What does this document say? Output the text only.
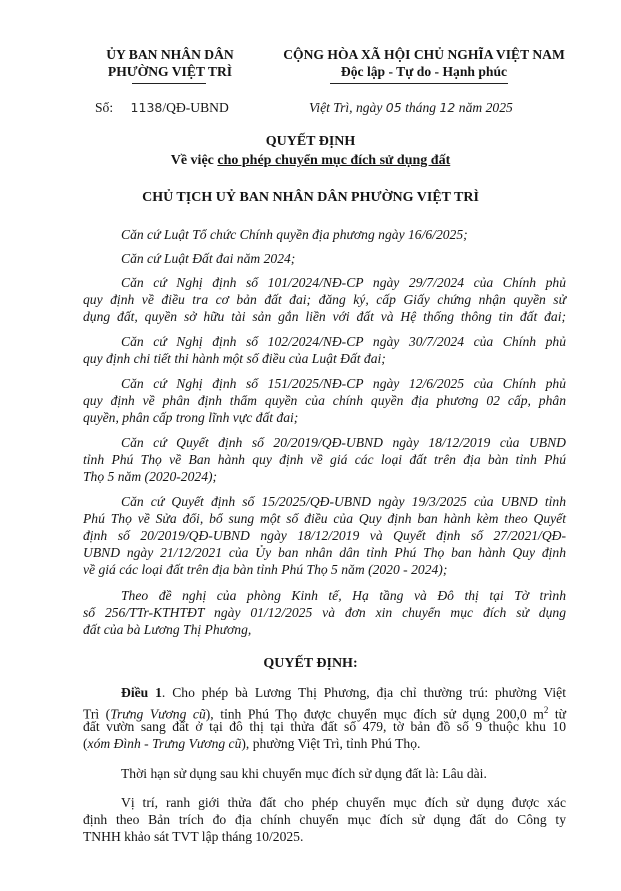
ỦY BAN NHÂN DÂN
PHƯỜNG VIỆT TRÌ
CỘNG HÒA XÃ HỘI CHỦ NGHĨA VIỆT NAM
Độc lập - Tự do - Hạnh phúc
Số: 1138/QĐ-UBND	Việt Trì, ngày 05 tháng 12 năm 2025
QUYẾT ĐỊNH
Về việc cho phép chuyển mục đích sử dụng đất
CHỦ TỊCH UỶ BAN NHÂN DÂN PHƯỜNG VIỆT TRÌ
Căn cứ Luật Tổ chức Chính quyền địa phương ngày 16/6/2025;
Căn cứ Luật Đất đai năm 2024;
Căn cứ Nghị định số 101/2024/NĐ-CP ngày 29/7/2024 của Chính phủ
quy định về điều tra cơ bản đất đai; đăng ký, cấp Giấy chứng nhận quyền sử
dụng đất, quyền sở hữu tài sản gắn liền với đất và Hệ thống thông tin đất đai;
Căn cứ Nghị định số 102/2024/NĐ-CP ngày 30/7/2024 của Chính phủ
quy định chi tiết thi hành một số điều của Luật Đất đai;
Căn cứ Nghị định số 151/2025/NĐ-CP ngày 12/6/2025 của Chính phủ
quy định về phân định thẩm quyền của chính quyền địa phương 02 cấp, phân
quyền, phân cấp trong lĩnh vực đất đai;
Căn cứ Quyết định số 20/2019/QĐ-UBND ngày 18/12/2019 của UBND
tỉnh Phú Thọ về Ban hành quy định về giá các loại đất trên địa bàn tỉnh Phú
Thọ 5 năm (2020-2024);
Căn cứ Quyết định số 15/2025/QĐ-UBND ngày 19/3/2025 của UBND tỉnh
Phú Thọ về Sửa đổi, bổ sung một số điều của Quy định ban hành kèm theo Quyết
định số 20/2019/QĐ-UBND ngày 18/12/2019 và Quyết định số 27/2021/QĐ-
UBND ngày 21/12/2021 của Ủy ban nhân dân tỉnh Phú Thọ ban hành Quy định
về giá các loại đất trên địa bàn tỉnh Phú Thọ 5 năm (2020 - 2024);
Theo đề nghị của phòng Kinh tế, Hạ tầng và Đô thị tại Tờ trình
số 256/TTr-KTHTĐT ngày 01/12/2025 và đơn xin chuyển mục đích sử dụng
đất của bà Lương Thị Phương,
QUYẾT ĐỊNH:
Điều 1. Cho phép bà Lương Thị Phương, địa chỉ thường trú: phường Việt
Trì (Trưng Vương cũ), tỉnh Phú Thọ được chuyển mục đích sử dụng 200,0 $m^2$ từ
đất vườn sang đất ở tại đô thị tại thửa đất số 479, tờ bản đồ số 9 thuộc khu 10
(xóm Đình - Trưng Vương cũ), phường Việt Trì, tỉnh Phú Thọ.
Thời hạn sử dụng sau khi chuyển mục đích sử dụng đất là: Lâu dài.
Vị trí, ranh giới thửa đất cho phép chuyển mục đích sử dụng được xác
định theo Bản trích đo địa chính chuyển mục đích sử dụng đất do Công ty
TNHH khảo sát TVT lập tháng 10/2025.
